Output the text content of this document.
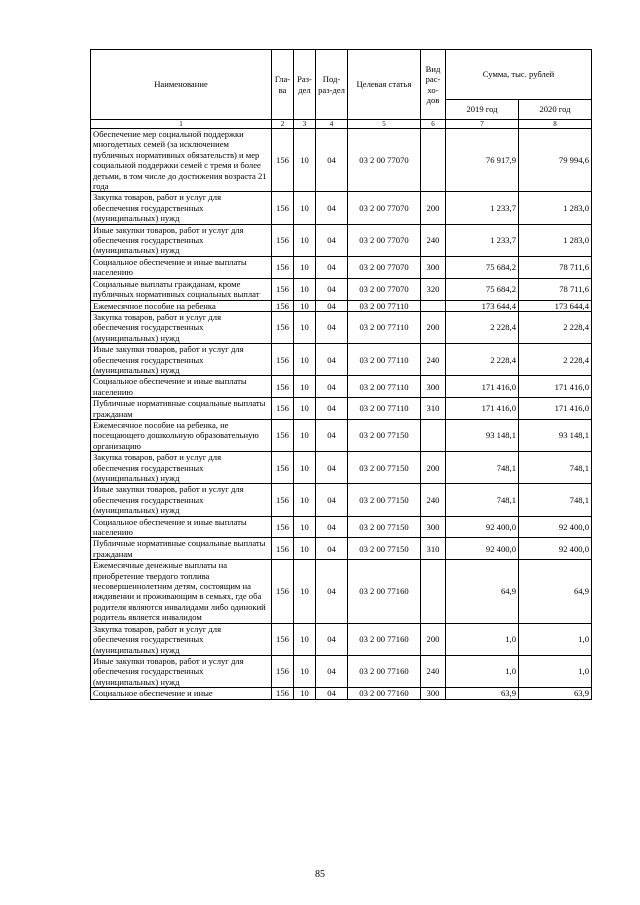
Наименование	Гла-ва	Раз-дел	Под-раз-дел	Целевая статья	Вид рас-хо-дов	Сумма, тыс. рублей	
						2019 год	2020 год
1	2	3	4	5	6	7	8
Обеспечение мер социальной поддержки многодетных семей (за исключением публичных нормативных обязательств) и мер социальной поддержки семей с тремя и более детьми, в том числе до достижения возраста 21 года	156	10	04	03 2 00 77070		76 917,9	79 994,6
Закупка товаров, работ и услуг для обеспечения государственных (муниципальных) нужд	156	10	04	03 2 00 77070	200	1 233,7	1 283,0
Иные закупки товаров, работ и услуг для обеспечения государственных (муниципальных) нужд	156	10	04	03 2 00 77070	240	1 233,7	1 283,0
Социальное обеспечение и иные выплаты населению	156	10	04	03 2 00 77070	300	75 684,2	78 711,6
Социальные выплаты гражданам, кроме публичных нормативных социальных выплат	156	10	04	03 2 00 77070	320	75 684,2	78 711,6
Ежемесячное пособие на ребенка	156	10	04	03 2 00 77110		173 644,4	173 644,4
Закупка товаров, работ и услуг для обеспечения государственных (муниципальных) нужд	156	10	04	03 2 00 77110	200	2 228,4	2 228,4
Иные закупки товаров, работ и услуг для обеспечения государственных (муниципальных) нужд	156	10	04	03 2 00 77110	240	2 228,4	2 228,4
Социальное обеспечение и иные выплаты населению	156	10	04	03 2 00 77110	300	171 416,0	171 416,0
Публичные нормативные социальные выплаты гражданам	156	10	04	03 2 00 77110	310	171 416,0	171 416,0
Ежемесячное пособие на ребенка, не посещающего дошкольную образовательную организацию	156	10	04	03 2 00 77150		93 148,1	93 148,1
Закупка товаров, работ и услуг для обеспечения государственных (муниципальных) нужд	156	10	04	03 2 00 77150	200	748,1	748,1
Иные закупки товаров, работ и услуг для обеспечения государственных (муниципальных) нужд	156	10	04	03 2 00 77150	240	748,1	748,1
Социальное обеспечение и иные выплаты населению	156	10	04	03 2 00 77150	300	92 400,0	92 400,0
Публичные нормативные социальные выплаты гражданам	156	10	04	03 2 00 77150	310	92 400,0	92 400,0
Ежемесячные денежные выплаты на приобретение твердого топлива несовершеннолетним детям, состоящим на иждивении и проживающим в семьях, где оба родителя являются инвалидами либо одинокий родитель является инвалидом	156	10	04	03 2 00 77160		64,9	64,9
Закупка товаров, работ и услуг для обеспечения государственных (муниципальных) нужд	156	10	04	03 2 00 77160	200	1,0	1,0
Иные закупки товаров, работ и услуг для обеспечения государственных (муниципальных) нужд	156	10	04	03 2 00 77160	240	1,0	1,0
Социальное обеспечение и иные	156	10	04	03 2 00 77160	300	63,9	63,9
85
